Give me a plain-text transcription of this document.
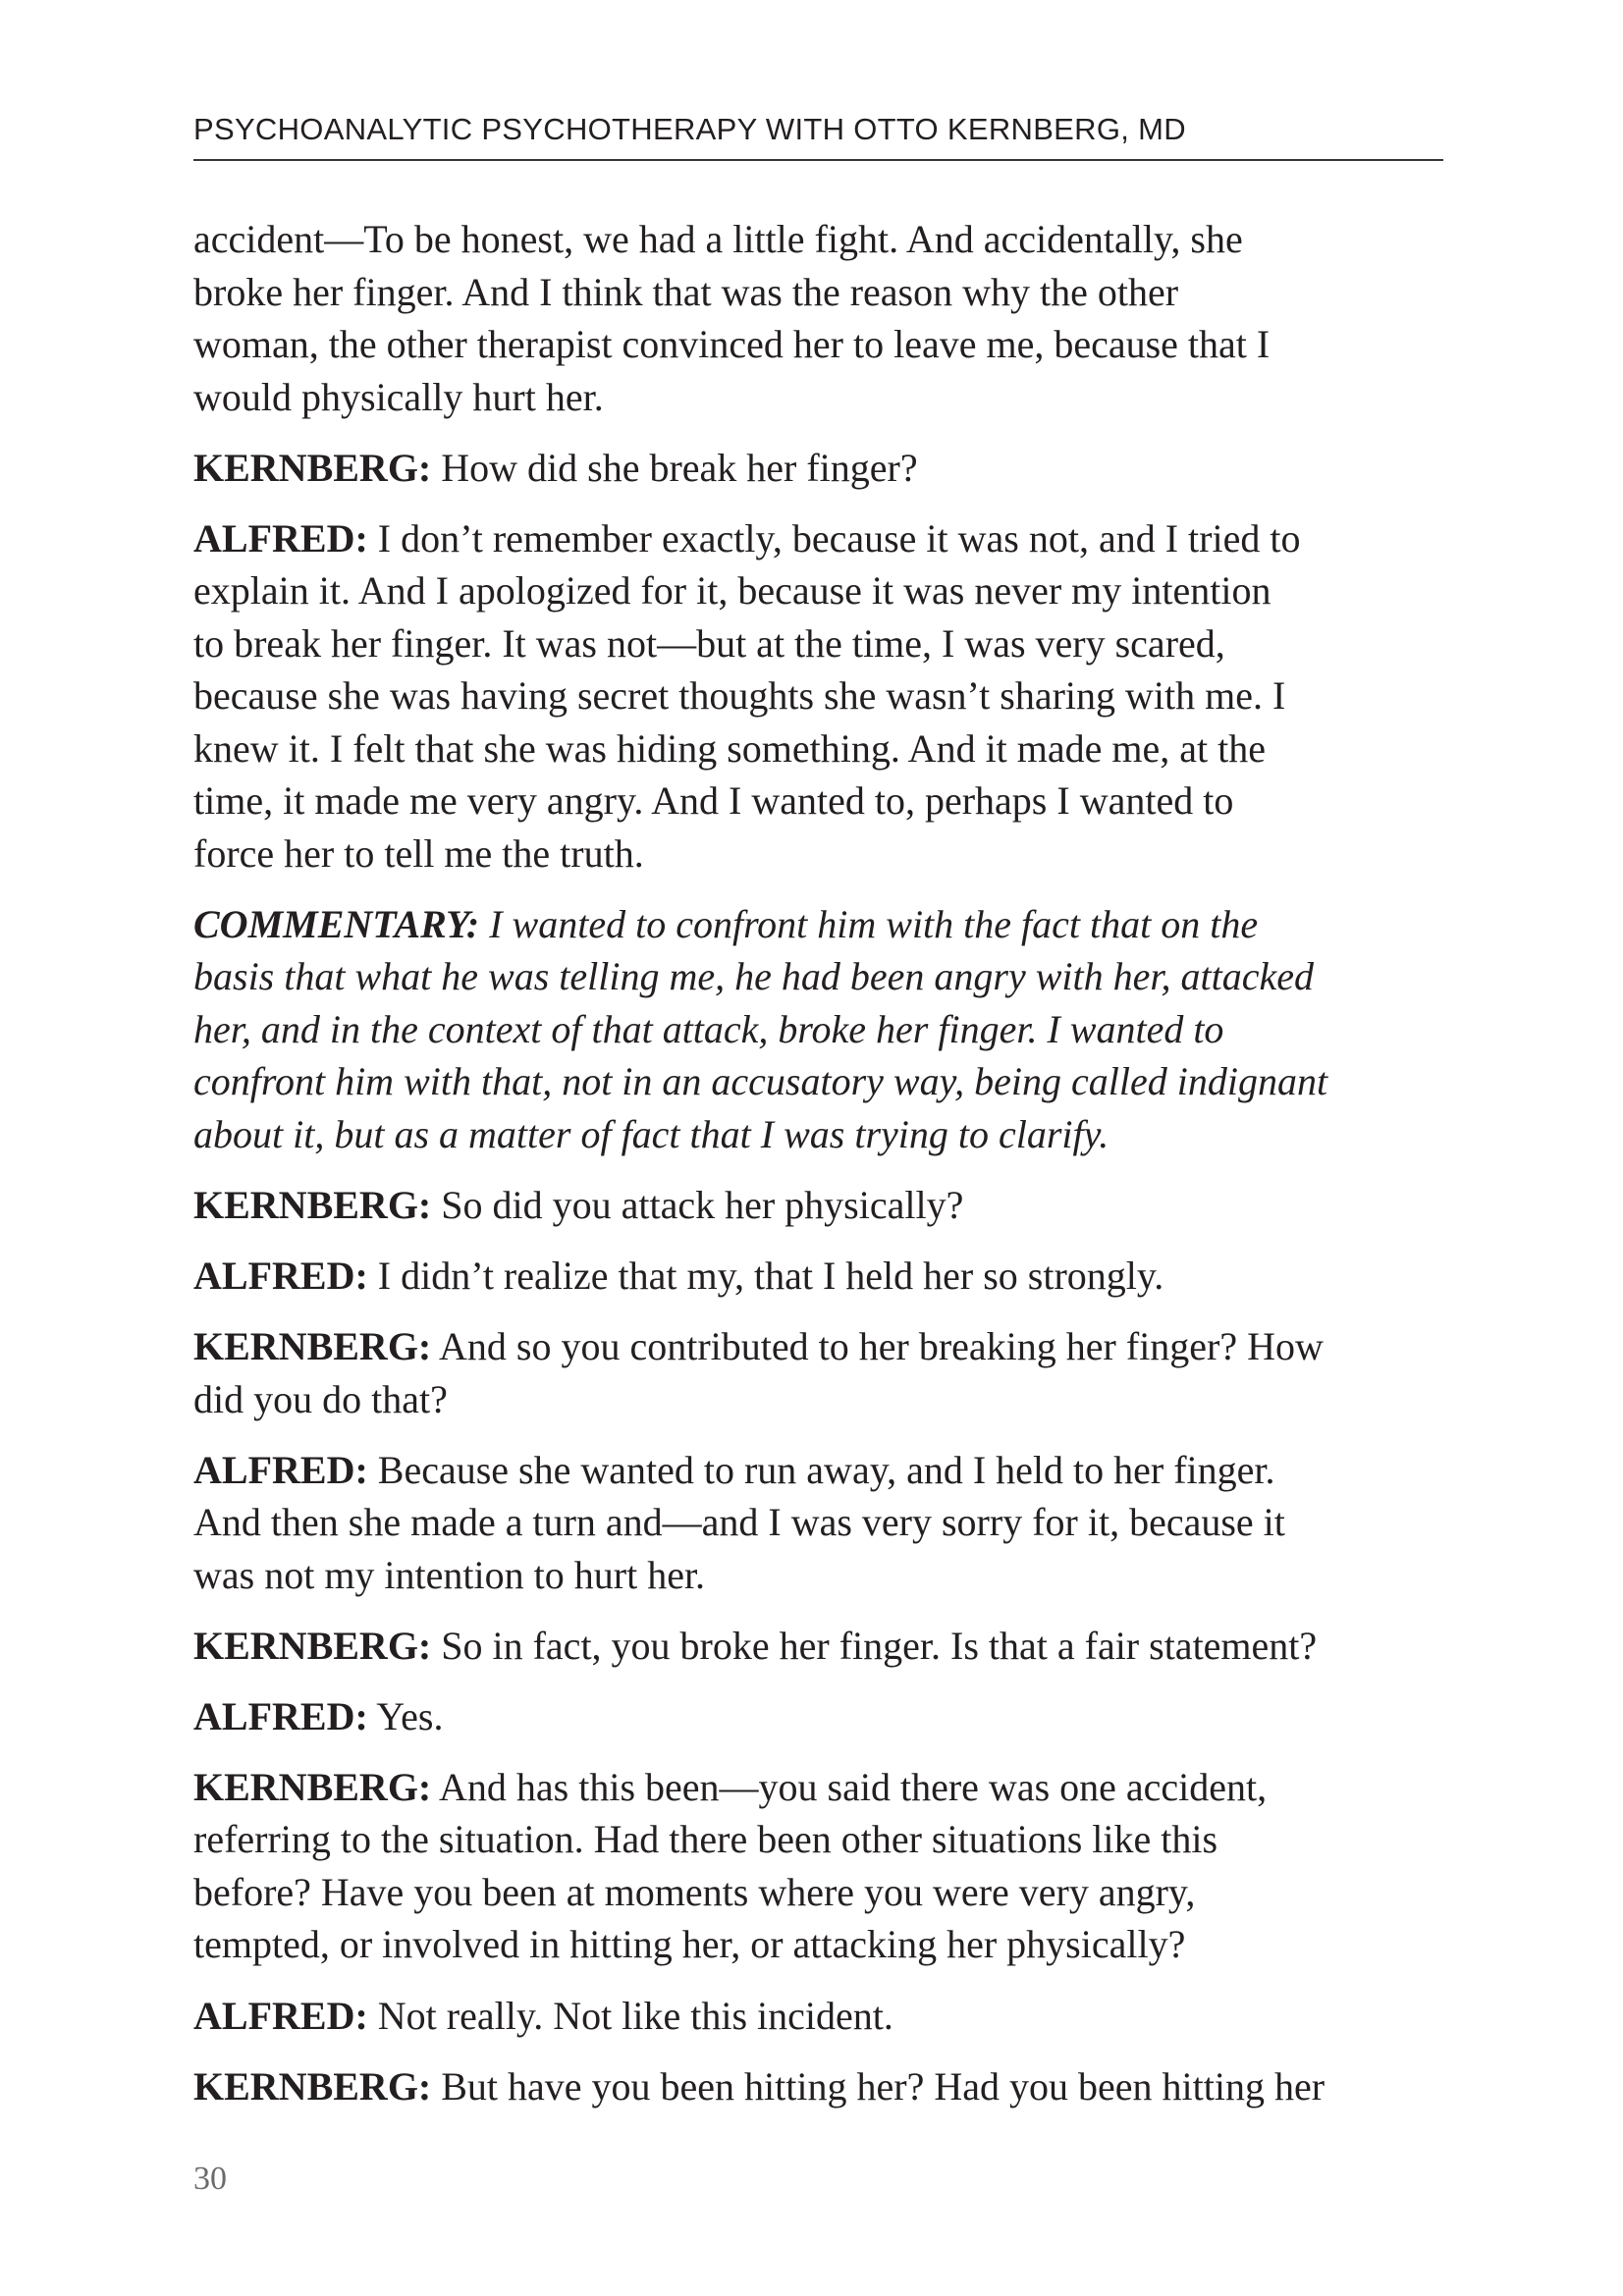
PSYCHOANALYTIC PSYCHOTHERAPY WITH OTTO KERNBERG, MD
accident—To be honest, we had a little fight. And accidentally, she
broke her finger. And I think that was the reason why the other
woman, the other therapist convinced her to leave me, because that I
would physically hurt her.
KERNBERG: How did she break her finger?
ALFRED: I don’t remember exactly, because it was not, and I tried to
explain it. And I apologized for it, because it was never my intention
to break her finger. It was not—but at the time, I was very scared,
because she was having secret thoughts she wasn’t sharing with me. I
knew it. I felt that she was hiding something. And it made me, at the
time, it made me very angry. And I wanted to, perhaps I wanted to
force her to tell me the truth.
COMMENTARY: I wanted to confront him with the fact that on the
basis that what he was telling me, he had been angry with her, attacked
her, and in the context of that attack, broke her finger. I wanted to
confront him with that, not in an accusatory way, being called indignant
about it, but as a matter of fact that I was trying to clarify.
KERNBERG: So did you attack her physically?
ALFRED: I didn’t realize that my, that I held her so strongly.
KERNBERG: And so you contributed to her breaking her finger? How
did you do that?
ALFRED: Because she wanted to run away, and I held to her finger.
And then she made a turn and—and I was very sorry for it, because it
was not my intention to hurt her.
KERNBERG: So in fact, you broke her finger. Is that a fair statement?
ALFRED: Yes.
KERNBERG: And has this been—you said there was one accident,
referring to the situation. Had there been other situations like this
before? Have you been at moments where you were very angry,
tempted, or involved in hitting her, or attacking her physically?
ALFRED: Not really. Not like this incident.
KERNBERG: But have you been hitting her? Had you been hitting her
30
